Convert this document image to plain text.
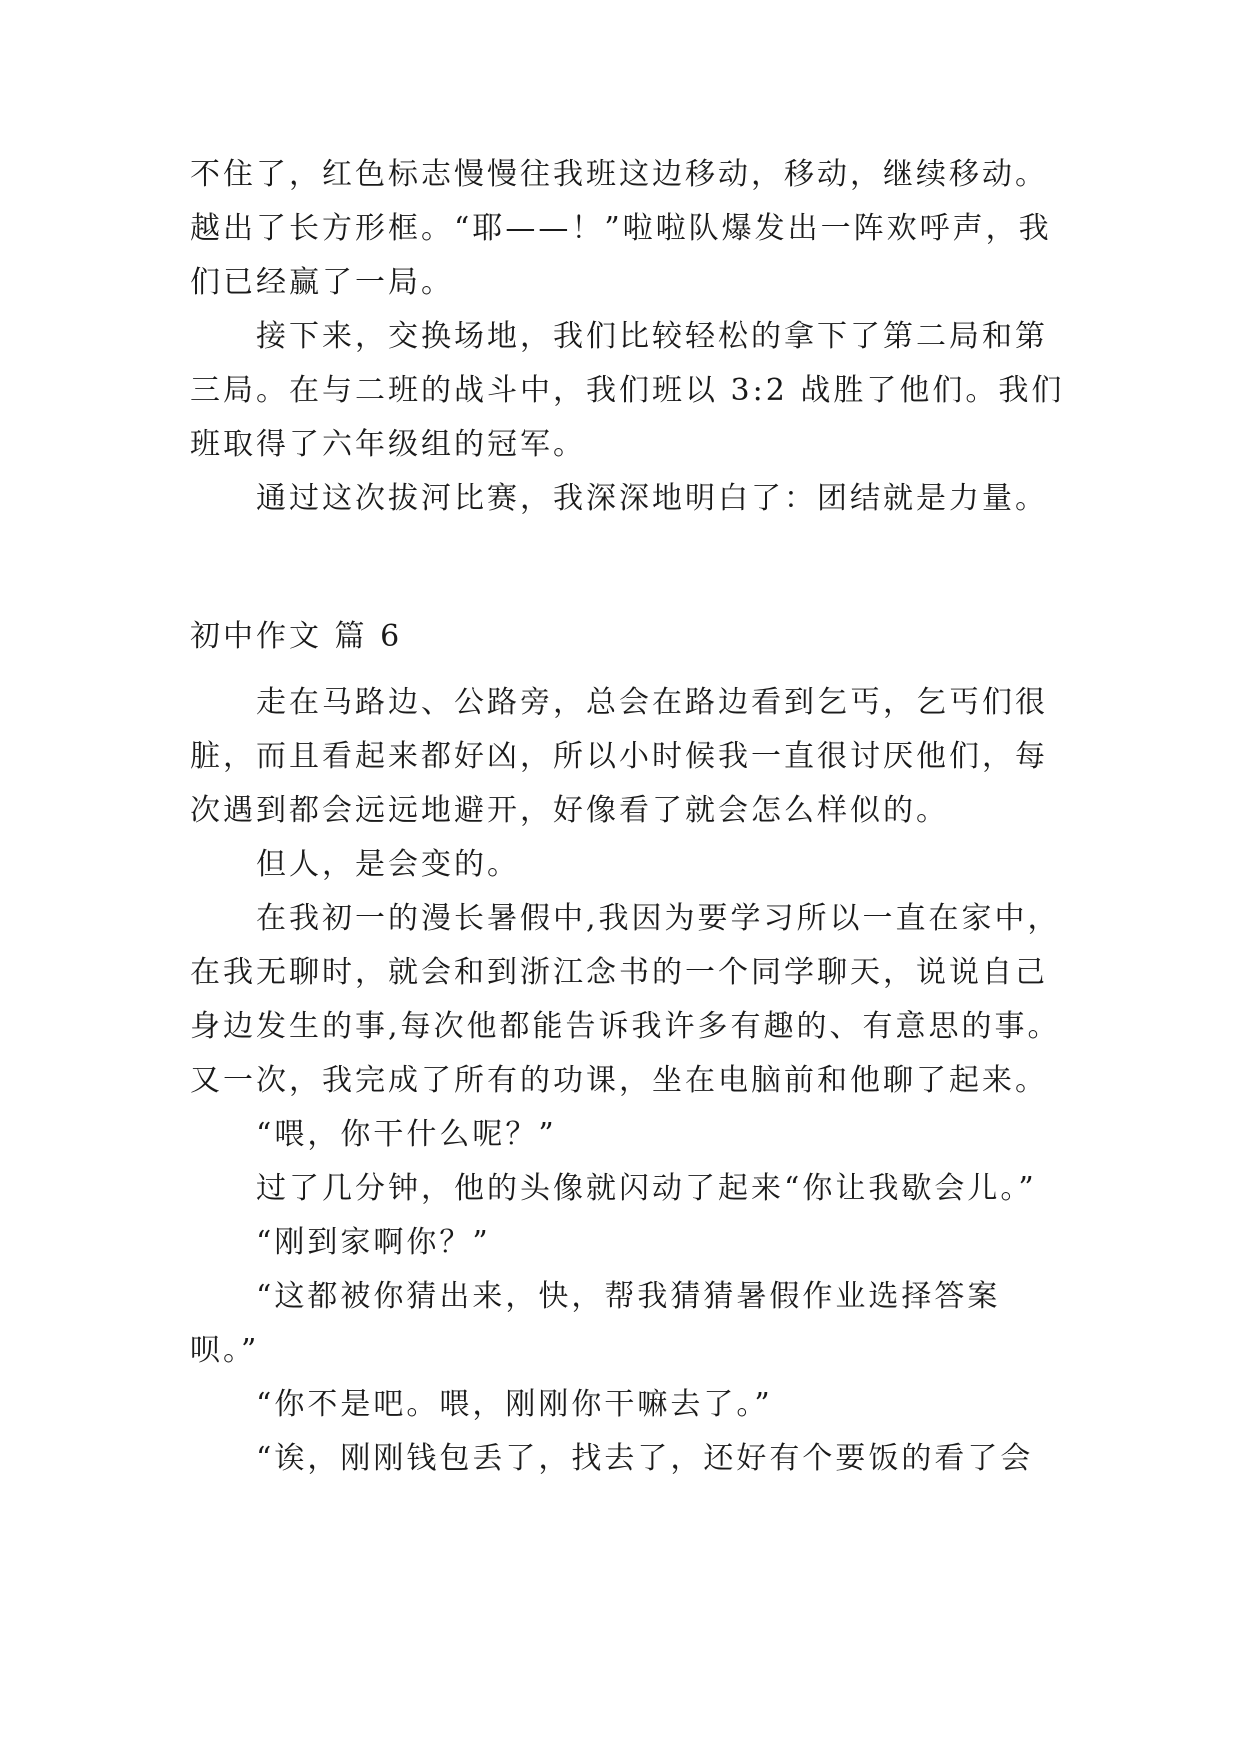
不住了，红色标志慢慢往我班这边移动，移动，继续移动。
越出了长方形框。“耶——！”啦啦队爆发出一阵欢呼声，我
们已经赢了一局。
接下来，交换场地，我们比较轻松的拿下了第二局和第
三局。在与二班的战斗中，我们班以 3:2 战胜了他们。我们
班取得了六年级组的冠军。
通过这次拔河比赛，我深深地明白了：团结就是力量。
初中作文 篇 6
走在马路边、公路旁，总会在路边看到乞丐，乞丐们很
脏，而且看起来都好凶，所以小时候我一直很讨厌他们，每
次遇到都会远远地避开，好像看了就会怎么样似的。
但人，是会变的。
在我初一的漫长暑假中,我因为要学习所以一直在家中，
在我无聊时，就会和到浙江念书的一个同学聊天，说说自己
身边发生的事,每次他都能告诉我许多有趣的、有意思的事。
又一次，我完成了所有的功课，坐在电脑前和他聊了起来。
“喂，你干什么呢？”
过了几分钟，他的头像就闪动了起来“你让我歇会儿。”
“刚到家啊你？”
“这都被你猜出来，快，帮我猜猜暑假作业选择答案
呗。”
“你不是吧。喂，刚刚你干嘛去了。”
“诶，刚刚钱包丢了，找去了，还好有个要饭的看了会
